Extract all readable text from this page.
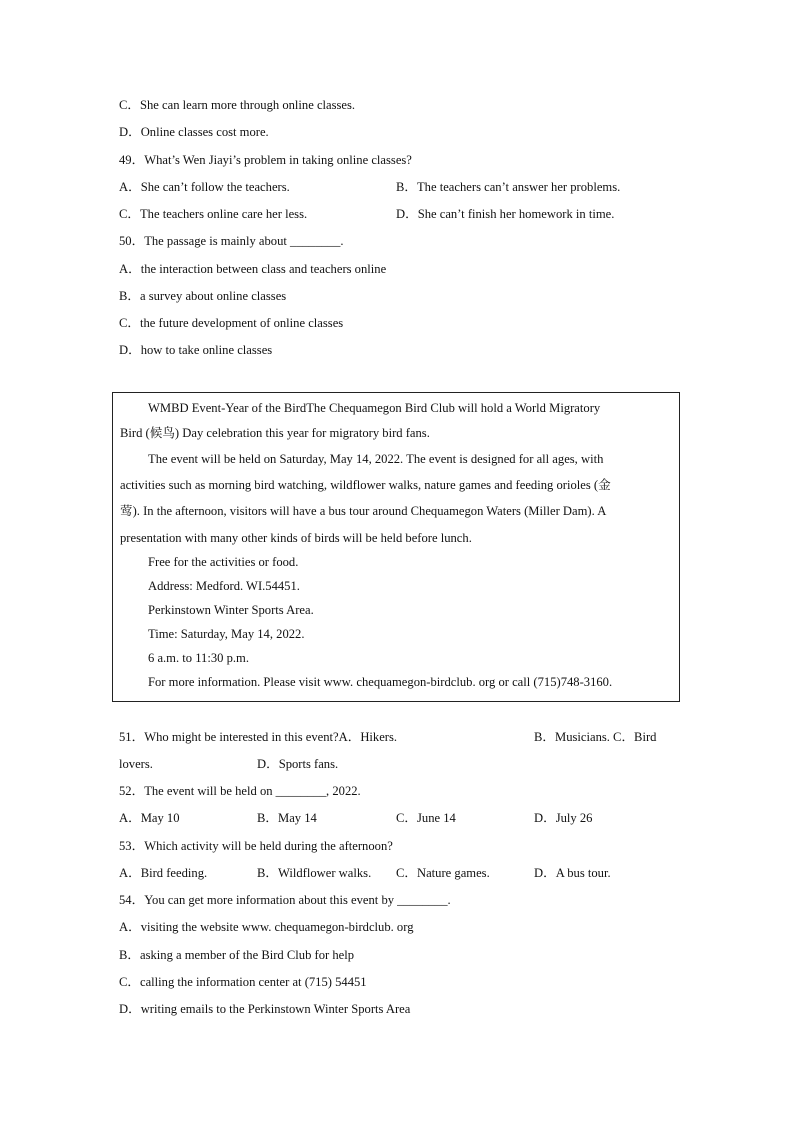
C．She can learn more through online classes.
D．Online classes cost more.
49．What’s Wen Jiayi’s problem in taking online classes?
A．She can’t follow the teachers.	B．The teachers can’t answer her problems.
C．The teachers online care her less.	D．She can’t finish her homework in time.
50．The passage is mainly about ________.
A．the interaction between class and teachers online
B．a survey about online classes
C．the future development of online classes
D．how to take online classes
WMBD Event-Year of the BirdThe Chequamegon Bird Club will hold a World Migratory
Bird (候鸟) Day celebration this year for migratory bird fans.
The event will be held on Saturday, May 14, 2022. The event is designed for all ages, with
activities such as morning bird watching, wildflower walks, nature games and feeding orioles (金
莺). In the afternoon, visitors will have a bus tour around Chequamegon Waters (Miller Dam). A
presentation with many other kinds of birds will be held before lunch.
Free for the activities or food.
Address: Medford. WI.54451.
Perkinstown Winter Sports Area.
Time: Saturday, May 14, 2022.
6 a.m. to 11:30 p.m.
For more information. Please visit www. chequamegon-birdclub. org or call (715)748-3160.
51．Who might be interested in this event?A．Hikers.	B．Musicians. C．Bird
lovers.	D．Sports fans.
52．The event will be held on ________, 2022.
A．May 10	B．May 14	C．June 14	D．July 26
53．Which activity will be held during the afternoon?
A．Bird feeding.	B．Wildflower walks. C．Nature games.	D．A bus tour.
54．You can get more information about this event by ________.
A．visiting the website www. chequamegon-birdclub. org
B．asking a member of the Bird Club for help
C．calling the information center at (715) 54451
D．writing emails to the Perkinstown Winter Sports Area
